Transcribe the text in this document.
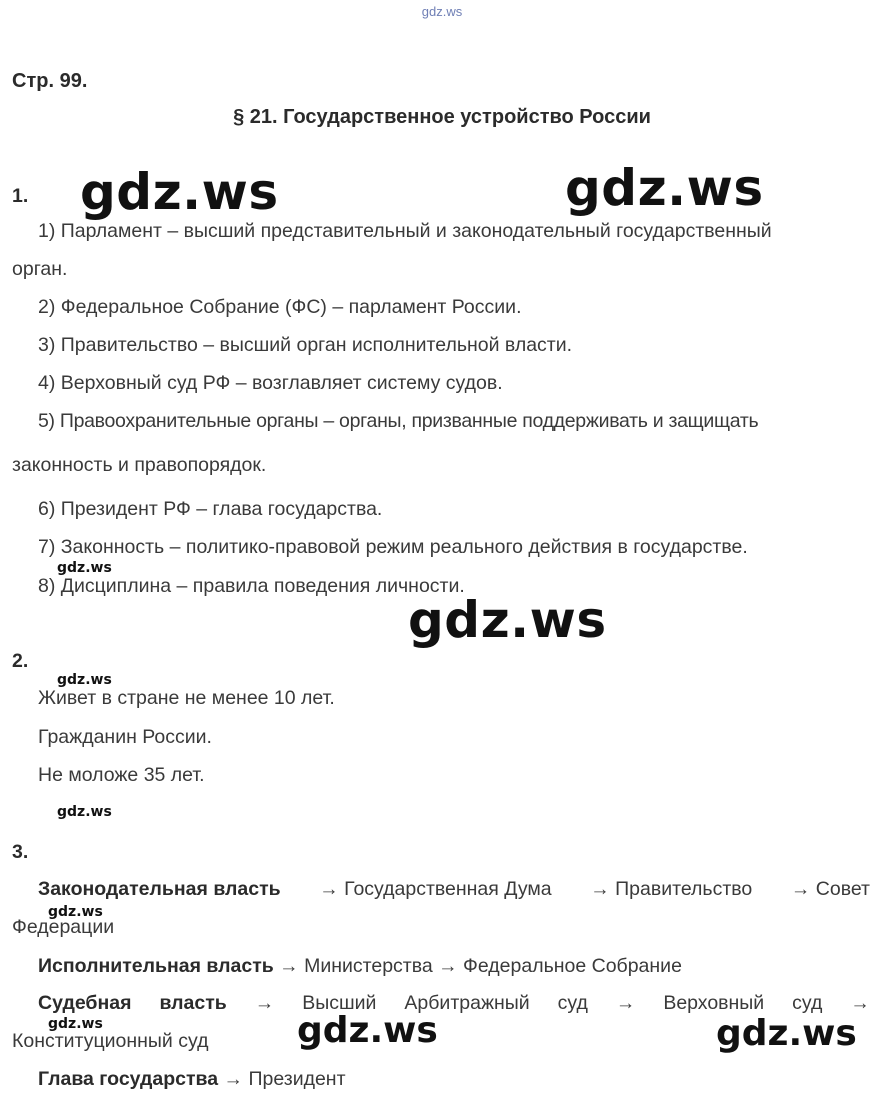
gdz.ws
Стр. 99.
§ 21. Государственное устройство России
1. gdz.ws	gdz.ws
1) Парламент – высший представительный и законодательный государственный
орган.
2) Федеральное Собрание (ФС) – парламент России.
3) Правительство – высший орган исполнительной власти.
4) Верховный суд РФ – возглавляет систему судов.
5) Правоохранительные органы – органы, призванные поддерживать и защищать
законность и правопорядок.
6) Президент РФ – глава государства.
7) Законность – политико-правовой режим реального действия в государстве.
gdz.ws
8) Дисциплина – правила поведения личности.
gdz.ws
2.
gdz.ws
Живет в стране не менее 10 лет.
Гражданин России.
Не моложе 35 лет.
gdz.ws
3.
Законодательная власть → Государственная Дума → Правительство → Совет
gdz.ws
Федерации
Исполнительная власть → Министерства → Федеральное Собрание
Судебная власть → Высший Арбитражный суд → Верховный суд →
gdz.ws
Конституционный суд gdz.ws	gdz.ws
Глава государства → Президент
